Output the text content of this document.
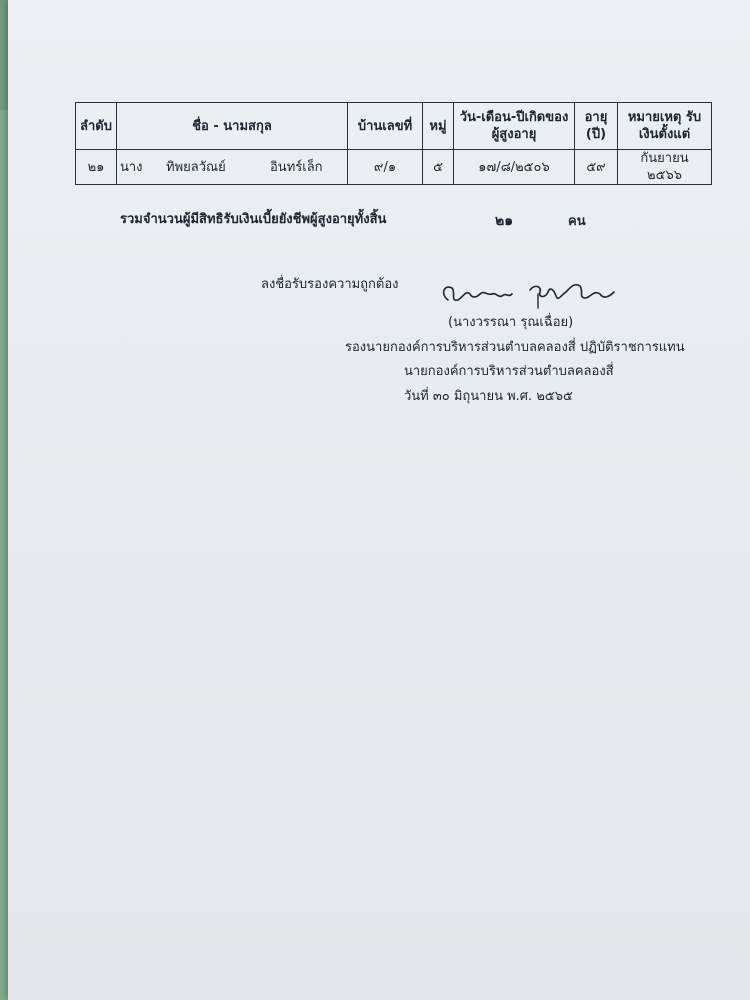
ลำดับ	ชื่อ - นามสกุล	บ้านเลขที่	หมู่	วัน-เดือน-ปีเกิดของผู้สูงอายุ	อายุ (ปี)	หมายเหตุ รับเงินตั้งแต่
๒๑	นาง ทิพยลวัณย์ อินทร์เล็ก	๙/๑	๕	๑๗/๘/๒๕๐๖	๕๙	กันยายน ๒๕๖๖
รวมจำนวนผู้มีสิทธิรับเงินเบี้ยยังชีพผู้สูงอายุทั้งสิ้น	๒๑	คน
ลงชื่อรับรองความถูกต้อง
(นางวรรณา รุณเฉื่อย)
รองนายกองค์การบริหารส่วนตำบลคลองสี่ ปฏิบัติราชการแทน
นายกองค์การบริหารส่วนตำบลคลองสี่
วันที่ ๓๐ มิถุนายน พ.ศ. ๒๕๖๕
